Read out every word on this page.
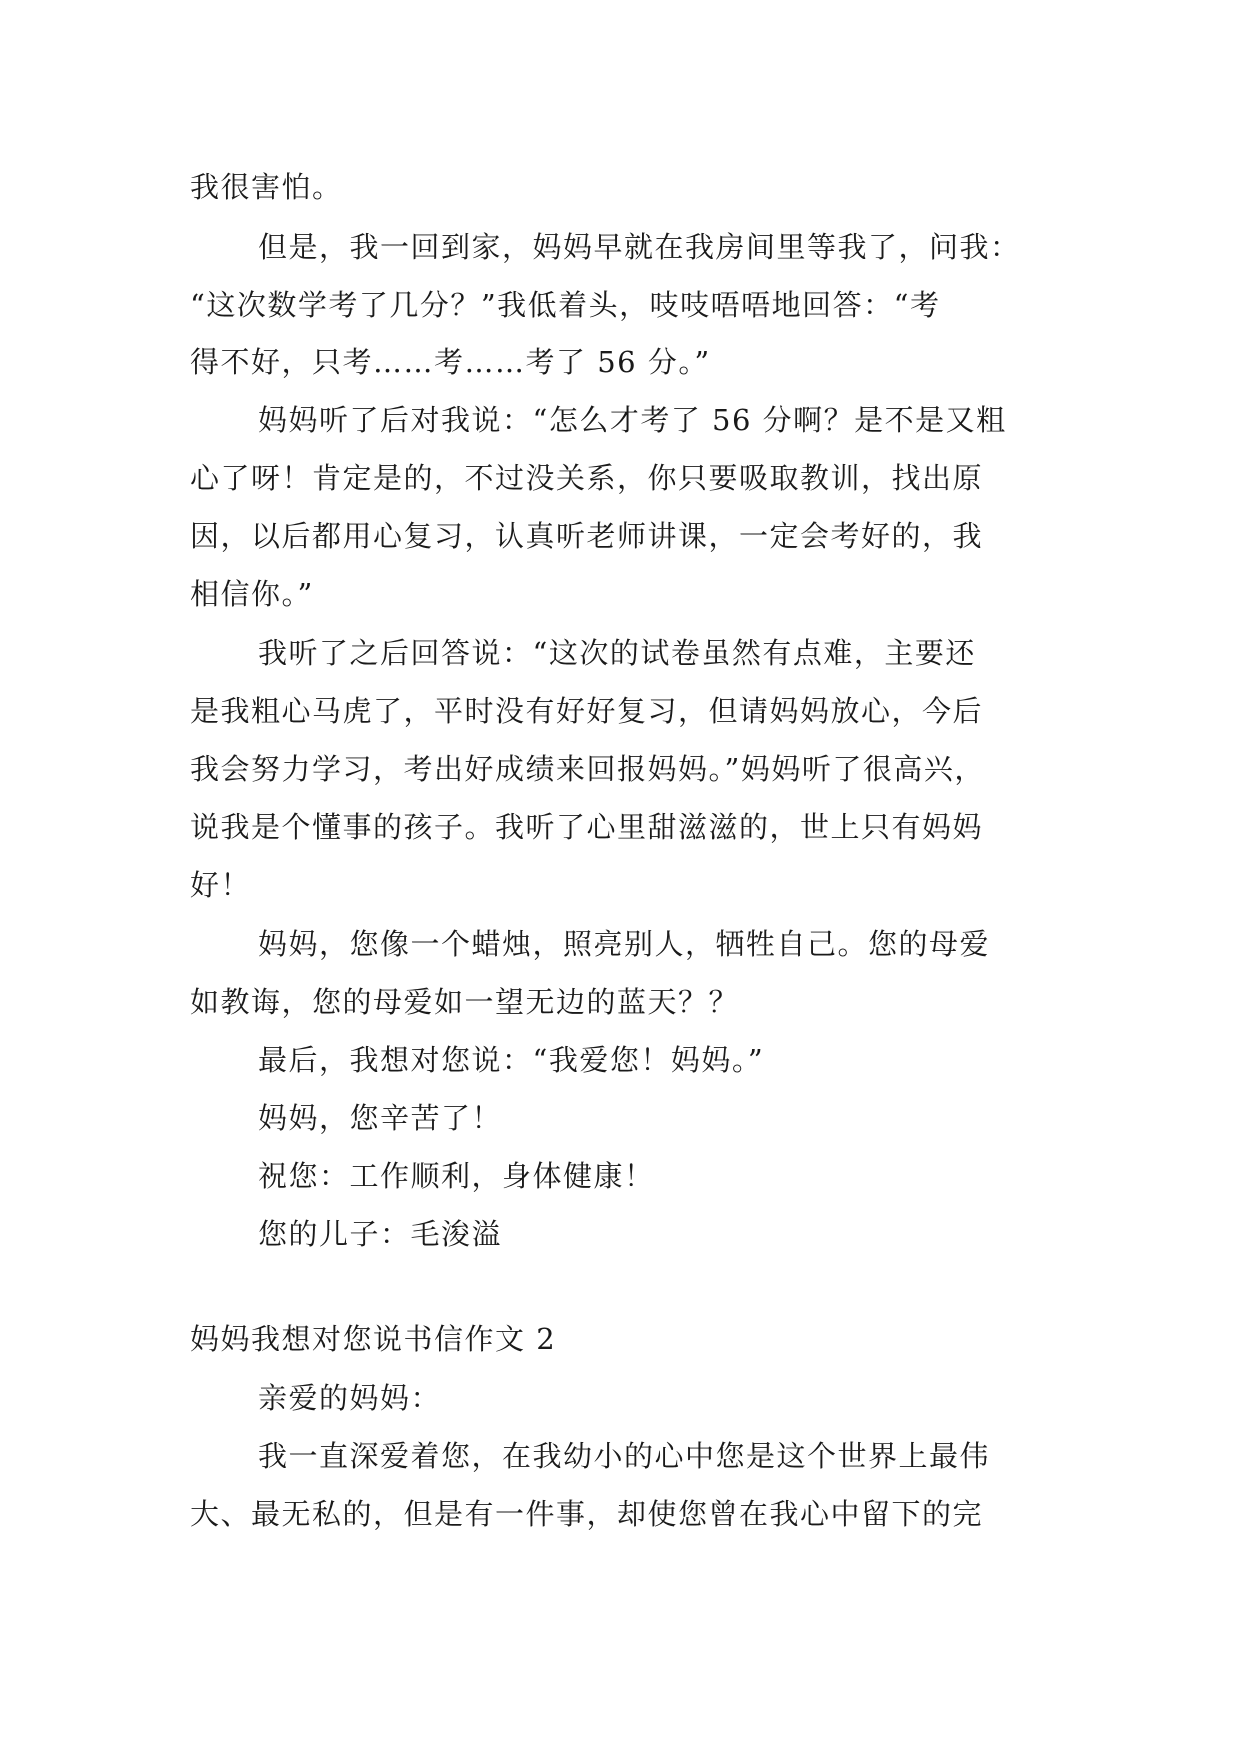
我很害怕。
但是，我一回到家，妈妈早就在我房间里等我了，问我：
“这次数学考了几分？”我低着头，吱吱唔唔地回答：“考
得不好，只考……考……考了 56 分。”
妈妈听了后对我说：“怎么才考了 56 分啊？是不是又粗
心了呀！肯定是的，不过没关系，你只要吸取教训，找出原
因，以后都用心复习，认真听老师讲课，一定会考好的，我
相信你。”
我听了之后回答说：“这次的试卷虽然有点难，主要还
是我粗心马虎了，平时没有好好复习，但请妈妈放心，今后
我会努力学习，考出好成绩来回报妈妈。”妈妈听了很高兴，
说我是个懂事的孩子。我听了心里甜滋滋的，世上只有妈妈
好！
妈妈，您像一个蜡烛，照亮别人，牺牲自己。您的母爱
如教诲，您的母爱如一望无边的蓝天？？
最后，我想对您说：“我爱您！妈妈。”
妈妈，您辛苦了！
祝您：工作顺利，身体健康！
您的儿子：毛浚溢
妈妈我想对您说书信作文 2
亲爱的妈妈：
我一直深爱着您，在我幼小的心中您是这个世界上最伟
大、最无私的，但是有一件事，却使您曾在我心中留下的完
